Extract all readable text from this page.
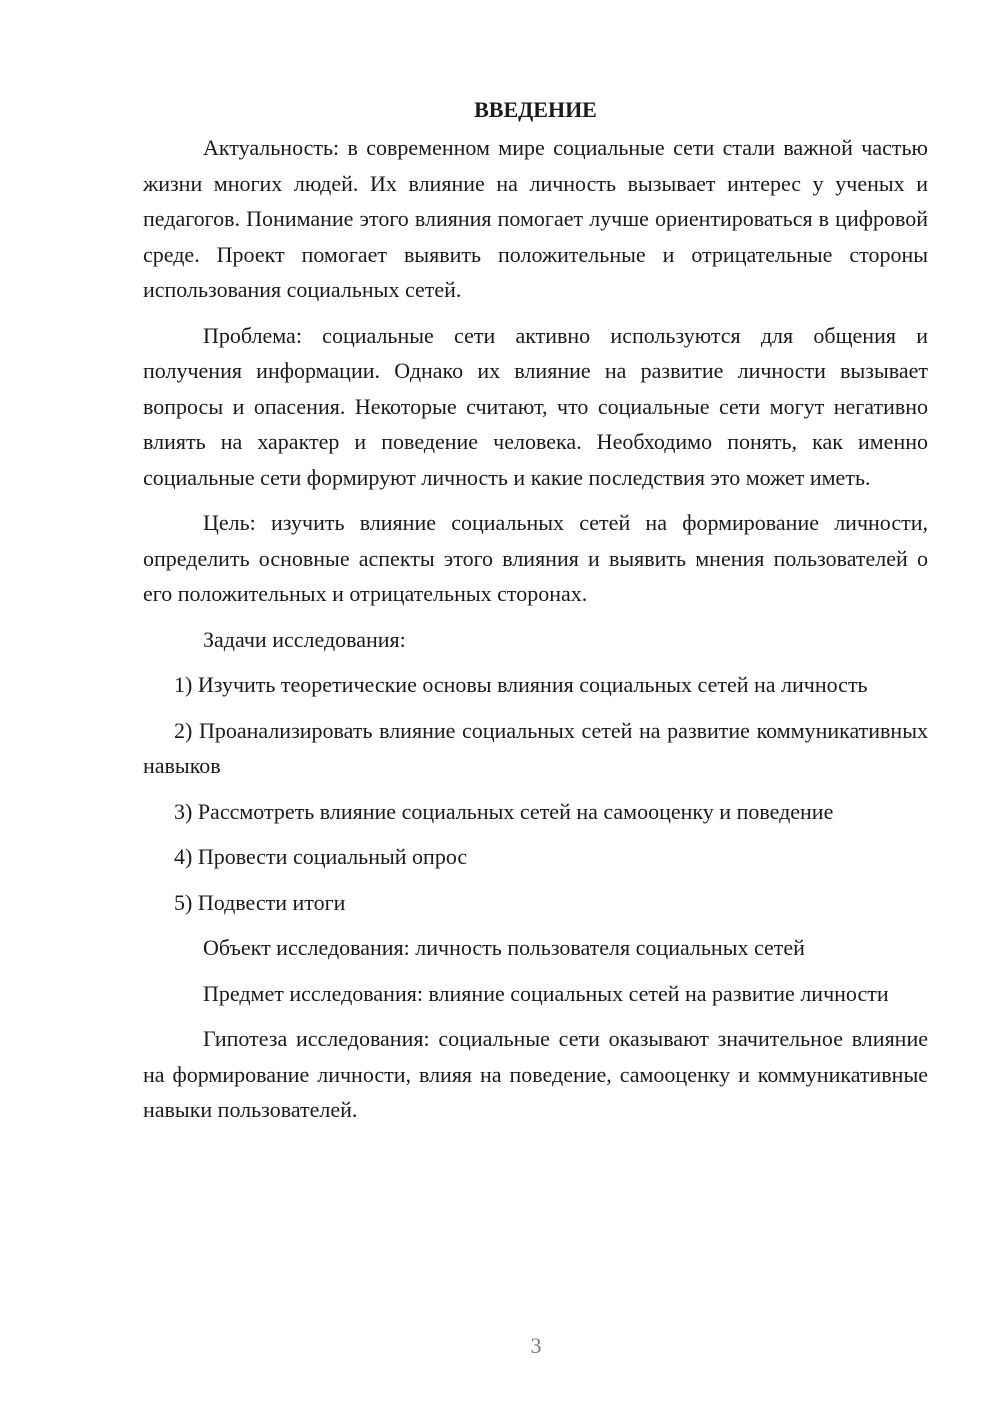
ВВЕДЕНИЕ

Актуальность: в современном мире социальные сети стали важной частью жизни многих людей. Их влияние на личность вызывает интерес у ученых и педагогов. Понимание этого влияния помогает лучше ориентироваться в цифровой среде. Проект помогает выявить положительные и отрицательные стороны использования социальных сетей.

Проблема: социальные сети активно используются для общения и получения информации. Однако их влияние на развитие личности вызывает вопросы и опасения. Некоторые считают, что социальные сети могут негативно влиять на характер и поведение человека. Необходимо понять, как именно социальные сети формируют личность и какие последствия это может иметь.

Цель: изучить влияние социальных сетей на формирование личности, определить основные аспекты этого влияния и выявить мнения пользователей о его положительных и отрицательных сторонах.

Задачи исследования:

1) Изучить теоретические основы влияния социальных сетей на личность

2) Проанализировать влияние социальных сетей на развитие коммуникативных навыков

3) Рассмотреть влияние социальных сетей на самооценку и поведение

4) Провести социальный опрос

5) Подвести итоги

Объект исследования: личность пользователя социальных сетей

Предмет исследования: влияние социальных сетей на развитие личности

Гипотеза исследования: социальные сети оказывают значительное влияние на формирование личности, влияя на поведение, самооценку и коммуникативные навыки пользователей.

3
